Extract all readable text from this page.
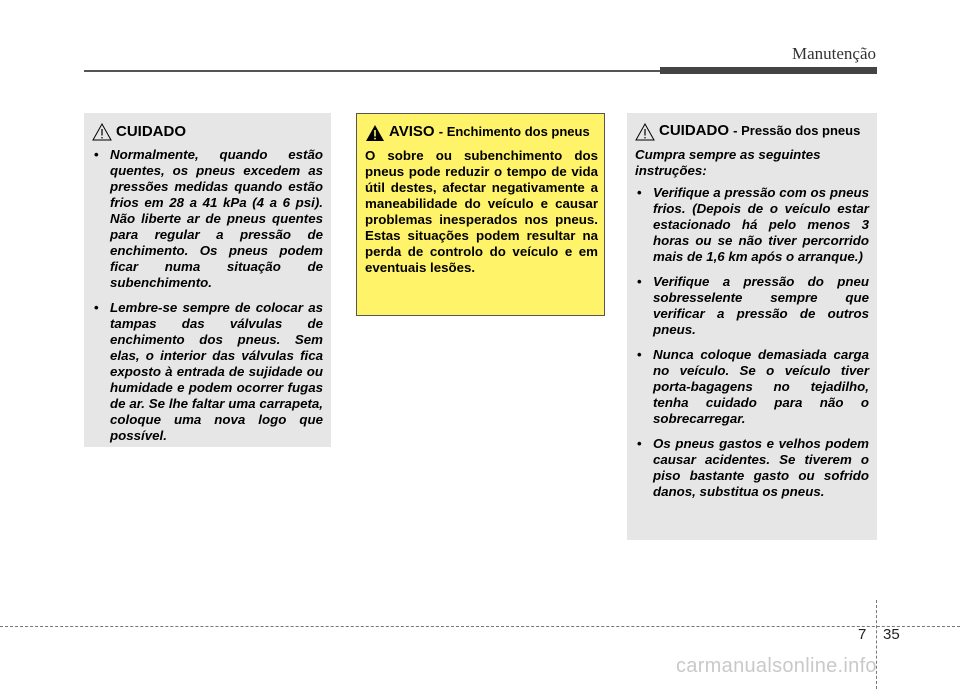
Manutenção
CUIDADO
• Normalmente, quando estão quentes, os pneus excedem as pressões medidas quando estão frios em 28 a 41 kPa (4 a 6 psi). Não liberte ar de pneus quentes para regular a pressão de enchimento. Os pneus podem ficar numa situação de subenchimento.
• Lembre-se sempre de colocar as tampas das válvulas de enchimento dos pneus. Sem elas, o interior das válvulas fica exposto à entrada de sujidade ou humidade e podem ocorrer fugas de ar. Se lhe faltar uma carrapeta, coloque uma nova logo que possível.
AVISO - Enchimento dos pneus
O sobre ou subenchimento dos pneus pode reduzir o tempo de vida útil destes, afectar negativamente a maneabilidade do veículo e causar problemas inesperados nos pneus. Estas situações podem resultar na perda de controlo do veículo e em eventuais lesões.
CUIDADO - Pressão dos pneus
Cumpra sempre as seguintes instruções:
• Verifique a pressão com os pneus frios. (Depois de o veículo estar estacionado há pelo menos 3 horas ou se não tiver percorrido mais de 1,6 km após o arranque.)
• Verifique a pressão do pneu sobresselente sempre que verificar a pressão de outros pneus.
• Nunca coloque demasiada carga no veículo. Se o veículo tiver porta-bagagens no tejadilho, tenha cuidado para não o sobrecarregar.
• Os pneus gastos e velhos podem causar acidentes. Se tiverem o piso bastante gasto ou sofrido danos, substitua os pneus.
7 35
carmanualsonline.info
